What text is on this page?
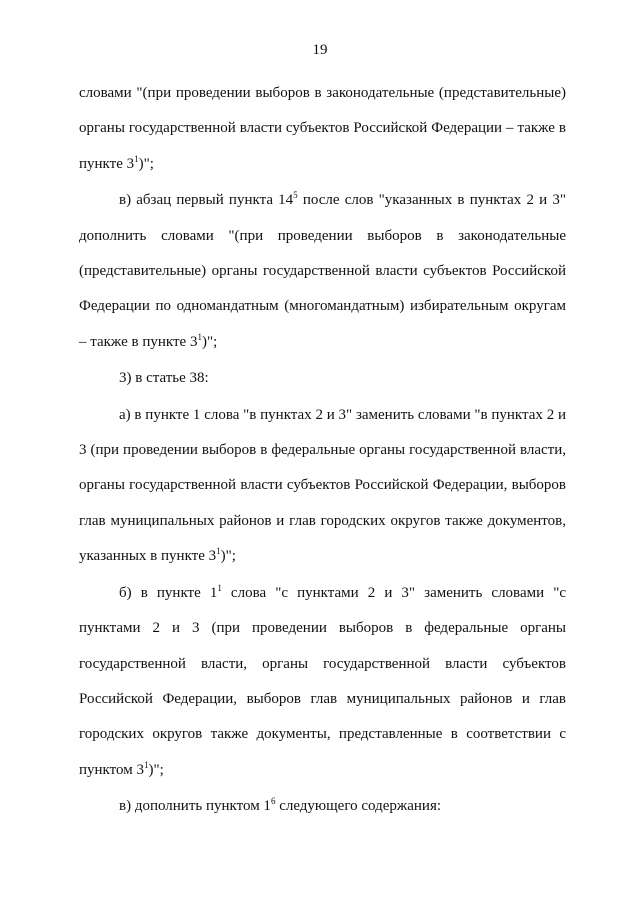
19

словами "(при проведении выборов в законодательные (представительные) органы государственной власти субъектов Российской Федерации – также в пункте $3^1$)";

в) абзац первый пункта $14^5$ после слов "указанных в пунктах 2 и 3" дополнить словами "(при проведении выборов в законодательные (представительные) органы государственной власти субъектов Российской Федерации по одномандатным (многомандатным) избирательным округам – также в пункте $3^1$)";

3) в статье 38:

а) в пункте 1 слова "в пунктах 2 и 3" заменить словами "в пунктах 2 и 3 (при проведении выборов в федеральные органы государственной власти, органы государственной власти субъектов Российской Федерации, выборов глав муниципальных районов и глав городских округов также документов, указанных в пункте $3^1$)";

б) в пункте $1^1$ слова "с пунктами 2 и 3" заменить словами "с пунктами 2 и 3 (при проведении выборов в федеральные органы государственной власти, органы государственной власти субъектов Российской Федерации, выборов глав муниципальных районов и глав городских округов также документы, представленные в соответствии с пунктом $3^1$)";

в) дополнить пунктом $1^6$ следующего содержания:
